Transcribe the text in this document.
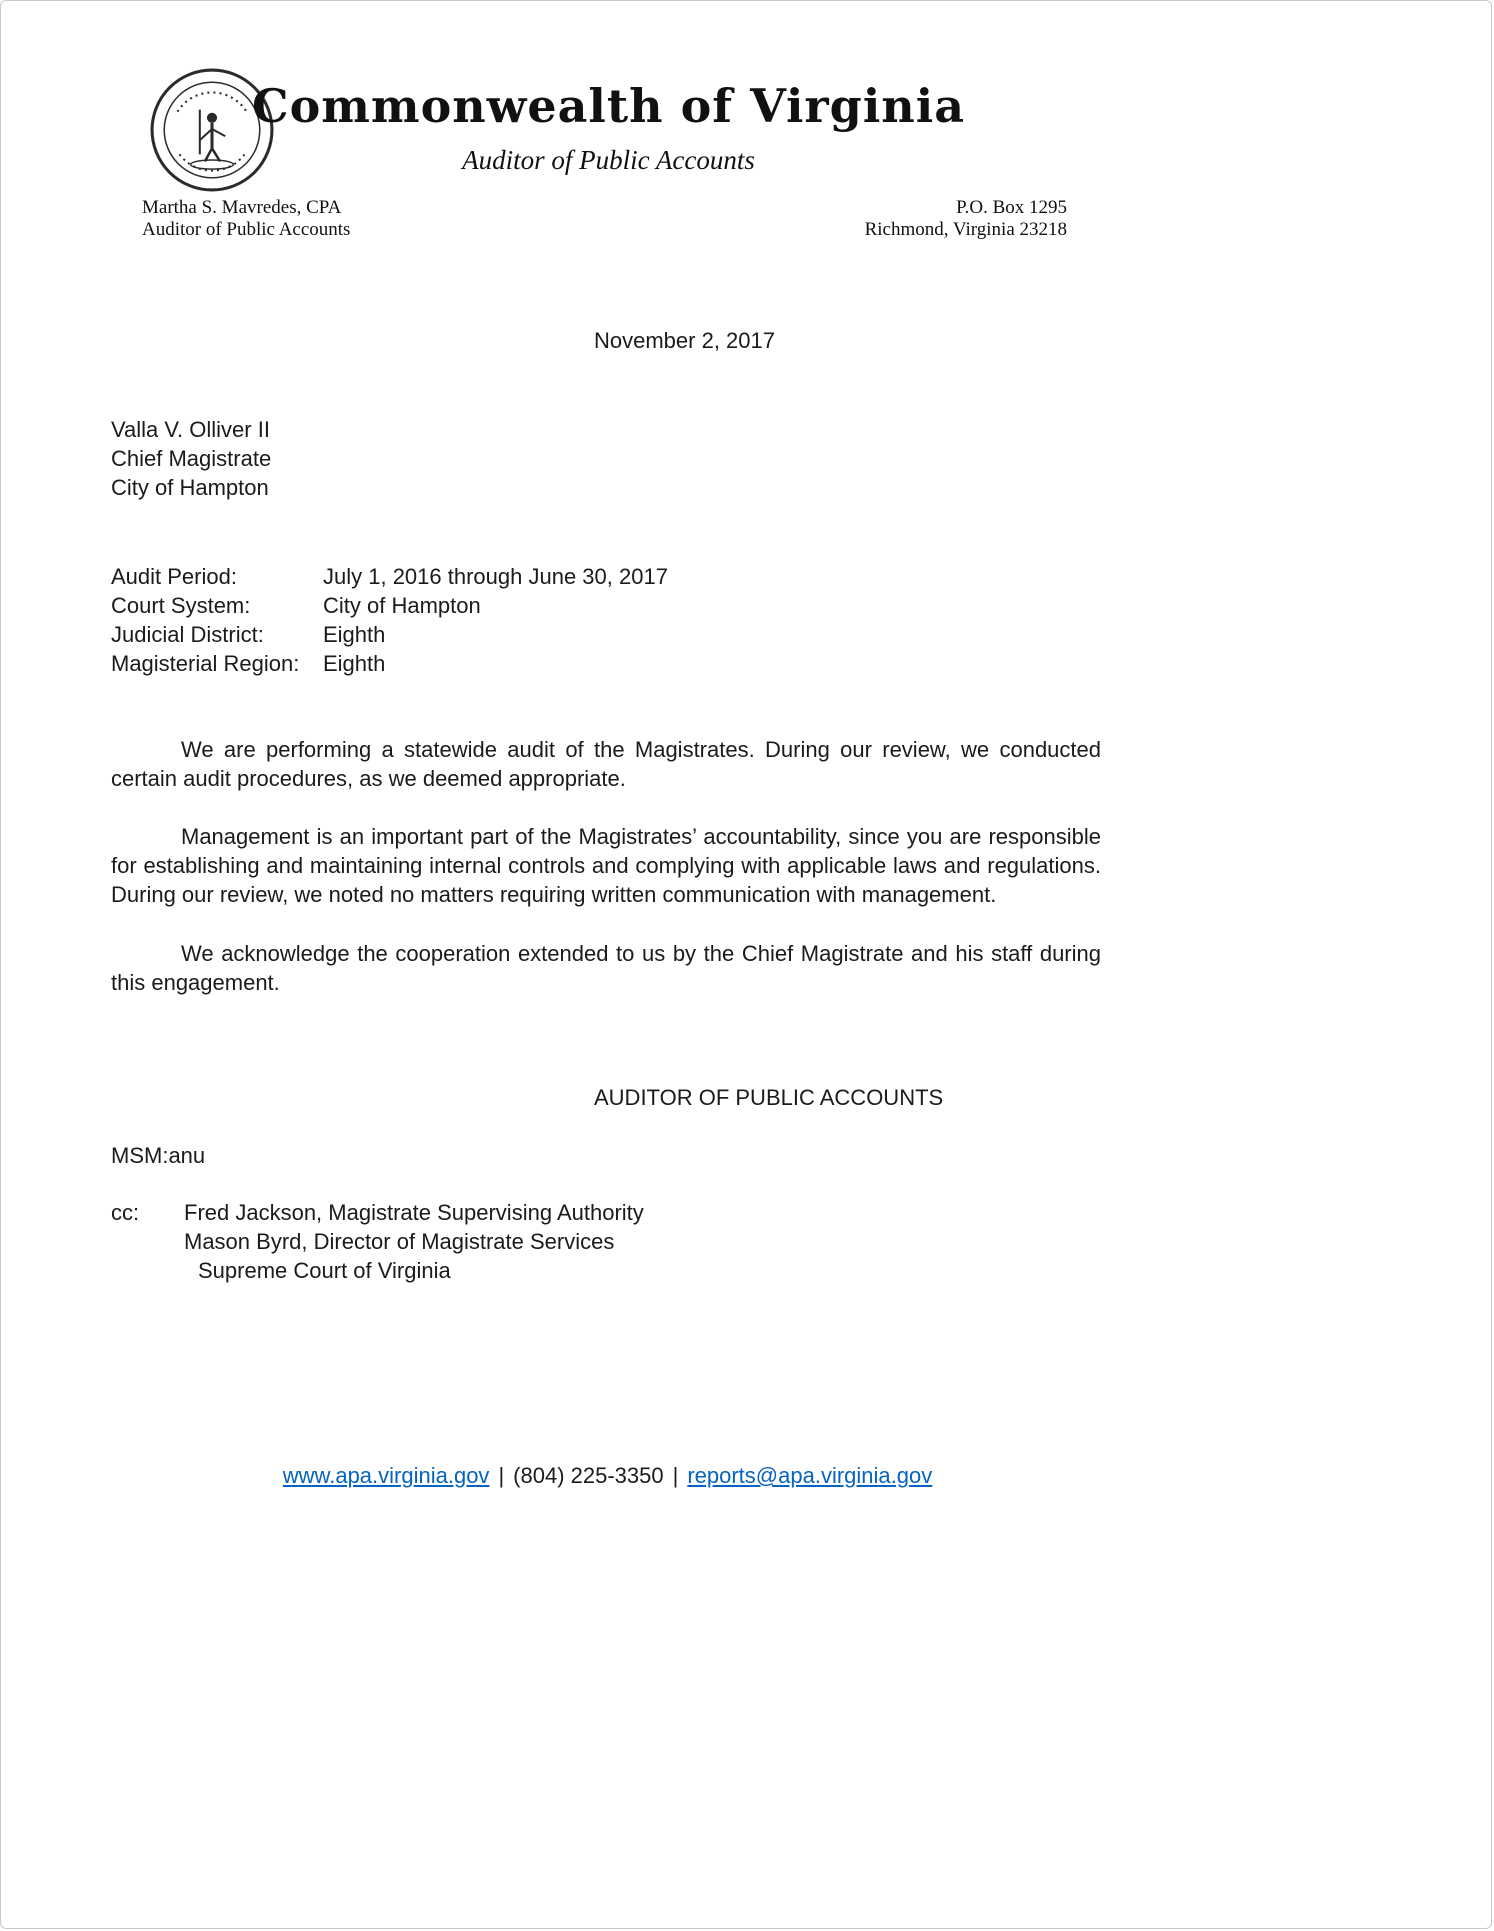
Commonwealth of Virginia
Auditor of Public Accounts
Martha S. Mavredes, CPA
Auditor of Public Accounts
P.O. Box 1295
Richmond, Virginia 23218
November 2, 2017
Valla V. Olliver II
Chief Magistrate
City of Hampton
Audit Period:	July 1, 2016 through June 30, 2017
Court System:	City of Hampton
Judicial District:	Eighth
Magisterial Region:	Eighth

We are performing a statewide audit of the Magistrates. During our review, we conducted certain audit procedures, as we deemed appropriate.

Management is an important part of the Magistrates’ accountability, since you are responsible for establishing and maintaining internal controls and complying with applicable laws and regulations. During our review, we noted no matters requiring written communication with management.

We acknowledge the cooperation extended to us by the Chief Magistrate and his staff during this engagement.

AUDITOR OF PUBLIC ACCOUNTS
MSM:anu
cc:	Fred Jackson, Magistrate Supervising Authority
Mason Byrd, Director of Magistrate Services
Supreme Court of Virginia
www.apa.virginia.gov | (804) 225-3350 | reports@apa.virginia.gov
